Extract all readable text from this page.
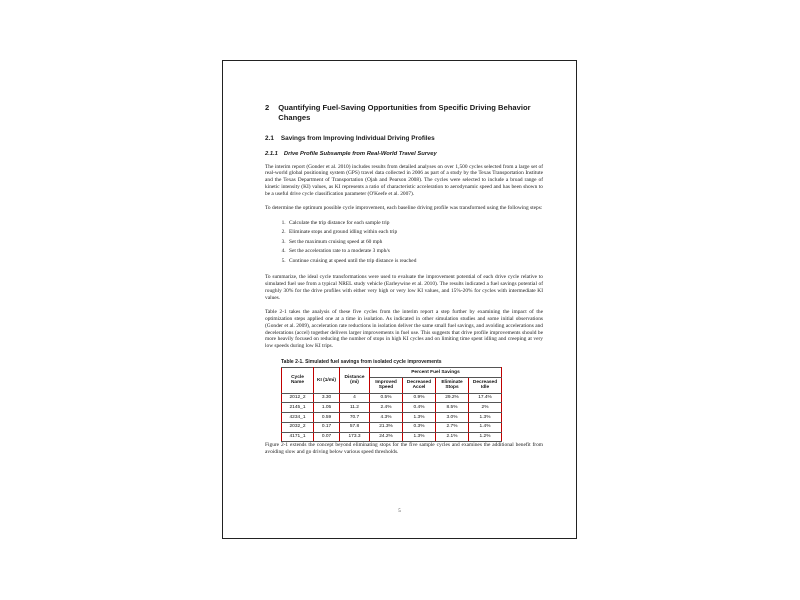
2 Quantifying Fuel-Saving Opportunities from Specific Driving Behavior Changes
2.1 Savings from Improving Individual Driving Profiles
2.1.1 Drive Profile Subsample from Real-World Travel Survey

The interim report (Gonder et al. 2010) includes results from detailed analyses on over 1,500 cycles selected from a large set of real-world global positioning system (GPS) travel data collected in 2006 as part of a study by the Texas Transportation Institute and the Texas Department of Transportation (Ojah and Pearson 2008). The cycles were selected to include a broad range of kinetic intensity (KI) values, as KI represents a ratio of characteristic acceleration to aerodynamic speed and has been shown to be a useful drive cycle classification parameter (O'Keefe et al. 2007).

To determine the optimum possible cycle improvement, each baseline driving profile was transformed using the following steps:

1. Calculate the trip distance for each sample trip
2. Eliminate stops and ground idling within each trip
3. Set the maximum cruising speed at 60 mph
4. Set the acceleration rate to a moderate 3 mph/s
5. Continue cruising at speed until the trip distance is reached

To summarize, the ideal cycle transformations were used to evaluate the improvement potential of each drive cycle relative to simulated fuel use from a typical NREL study vehicle (Earleywine et al. 2010). The results indicated a fuel savings potential of roughly 30% for the drive profiles with either very high or very low KI values, and 15%-20% for cycles with intermediate KI values.

Table 2-1 takes the analysis of these five cycles from the interim report a step further by examining the impact of the optimization steps applied one at a time in isolation. As indicated in other simulation studies and some initial observations (Gonder et al. 2009), acceleration rate reductions in isolation deliver the same small fuel savings, and avoiding accelerations and decelerations (accel) together delivers larger improvements in fuel use. This suggests that drive profile improvements should be more heavily focused on reducing the number of stops in high KI cycles and on limiting time spent idling and creeping at very low speeds during low KI trips.

Table 2-1. Simulated fuel savings from isolated cycle improvements
Cycle Name	KI (1/mi)	Distance (mi)	Percent Fuel Savings			
			Improved Speed	Decreased Accel	Eliminate Stops	Decreased Idle
2012_2	3.30	4	0.5%	0.9%	29.2%	17.4%
2145_1	1.05	11.2	2.4%	0.4%	8.5%	2%
4234_1	0.59	70.7	4.3%	1.3%	3.0%	1.3%
2032_2	0.17	57.8	21.3%	0.3%	2.7%	1.4%
4171_1	0.07	173.3	24.2%	1.3%	2.1%	1.2%

Figure 2-1 extends the concept beyond eliminating stops for the five sample cycles and examines the additional benefit from avoiding slow and go driving below various speed thresholds.

5
